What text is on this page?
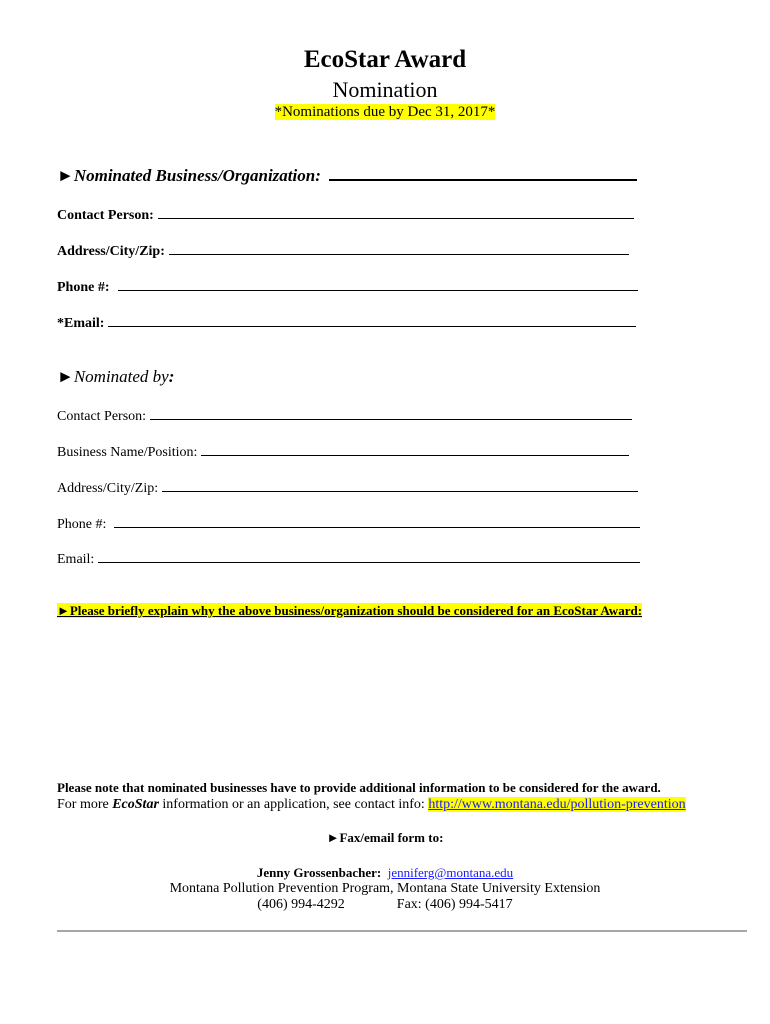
EcoStar Award
Nomination
*Nominations due by Dec 31, 2017*
►Nominated Business/Organization:
Contact Person:
Address/City/Zip:
Phone #:
*Email:
►Nominated by:
Contact Person:
Business Name/Position:
Address/City/Zip:
Phone #:
Email:
►Please briefly explain why the above business/organization should be considered for an EcoStar Award:
Please note that nominated businesses have to provide additional information to be considered for the award.
For more EcoStar information or an application, see contact info: http://www.montana.edu/pollution-prevention
►Fax/email form to:
Jenny Grossenbacher: jenniferg@montana.edu
Montana Pollution Prevention Program, Montana State University Extension
(406) 994-4292	Fax: (406) 994-5417
